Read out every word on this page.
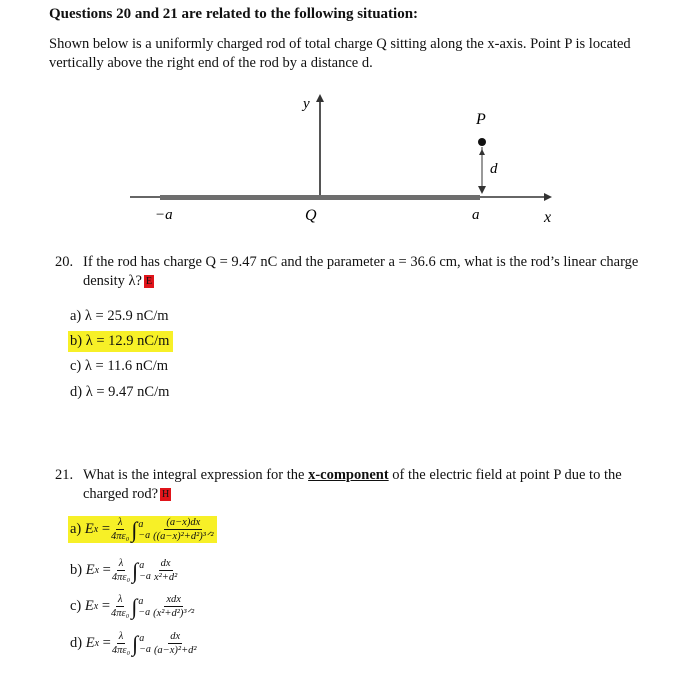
Questions 20 and 21 are related to the following situation:
Shown below is a uniformly charged rod of total charge Q sitting along the x-axis. Point P is located vertically above the right end of the rod by a distance d.
y
−a	Q	a	x
P
d
20. If the rod has charge Q = 9.47 nC and the parameter a = 36.6 cm, what is the rod’s linear charge density λ? E
a) λ = 25.9 nC/m
b) λ = 12.9 nC/m
c) λ = 11.6 nC/m
d) λ = 9.47 nC/m
21. What is the integral expression for the x-component of the electric field at point P due to the charged rod? H
a)
E $x = \frac{\lambda}{\text{4πε₀}}$ ∫ a
$-a \frac{(a-x)dx}{\text{((a−x)²+d²)³ᐟ²}}$
b)
E $x = \frac{\lambda}{\text{4πε₀}}$ ∫ a
$-a \frac{dx}{\text{x²+d²}}$
c)
E $x = \frac{\lambda}{\text{4πε₀}}$ ∫ a
$-a \frac{\text{xdx}}{\text{(x²+d²)³ᐟ²}}$
d)
E $x = \frac{\lambda}{\text{4πε₀}}$ ∫ a
$-a \frac{dx}{\text{(a−x)²+d²}}$
